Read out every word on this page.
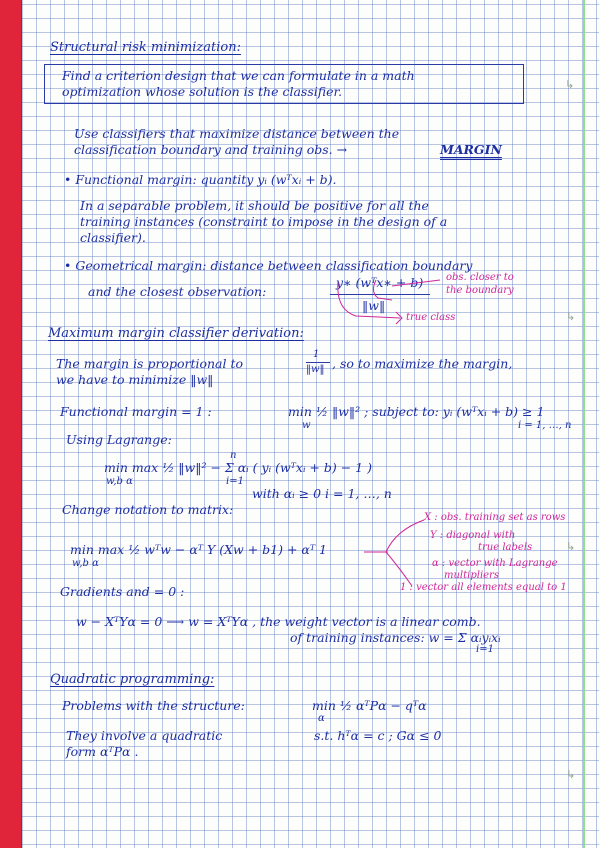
↳
↳
↳
↳
Structural risk minimization:
Find a criterion design that we can formulate in a math
optimization whose solution is the classifier.
Use classifiers that maximize distance between the
classification boundary and training obs. →	MARGIN
• Functional margin: quantity yᵢ (wᵀxᵢ + b).
In a separable problem, it should be positive for all the
training instances (constraint to impose in the design of a
classifier).
• Geometrical margin: distance between classification boundary
and the closest observation:
y∗ (wᵀx∗ + b)
‖w‖
obs. closer to
the boundary
true class
Maximum margin classifier derivation:
The margin is proportional to
1
‖w‖ , so to maximize the margin,
we have to minimize ‖w‖
Functional margin = 1 :	min ½ ‖w‖² ; subject to: yᵢ (wᵀxᵢ + b) ≥ 1
w	i = 1, …, n
Using Lagrange:
n
min max ½ ‖w‖² − Σ αᵢ ( yᵢ (wᵀxᵢ + b) − 1 )
w,b α	i=1
with αᵢ ≥ 0 i = 1, …, n
Change notation to matrix:
min max ½ wᵀw − αᵀ Y (Xw + b1) + αᵀ 1
w,b α
X : obs. training set as rows
Y : diagonal with
true labels
α : vector with Lagrange
multipliers
1 : vector all elements equal to 1
Gradients and = 0 :
w − XᵀYα = 0 ⟶ w = XᵀYα , the weight vector is a linear comb.
of training instances: w = Σ αᵢyᵢxᵢ
i=1
Quadratic programming:
Problems with the structure:	min ½ αᵀPα − qᵀα
α
They involve a quadratic
form αᵀPα .
s.t. hᵀα = c ; Gα ≤ 0
